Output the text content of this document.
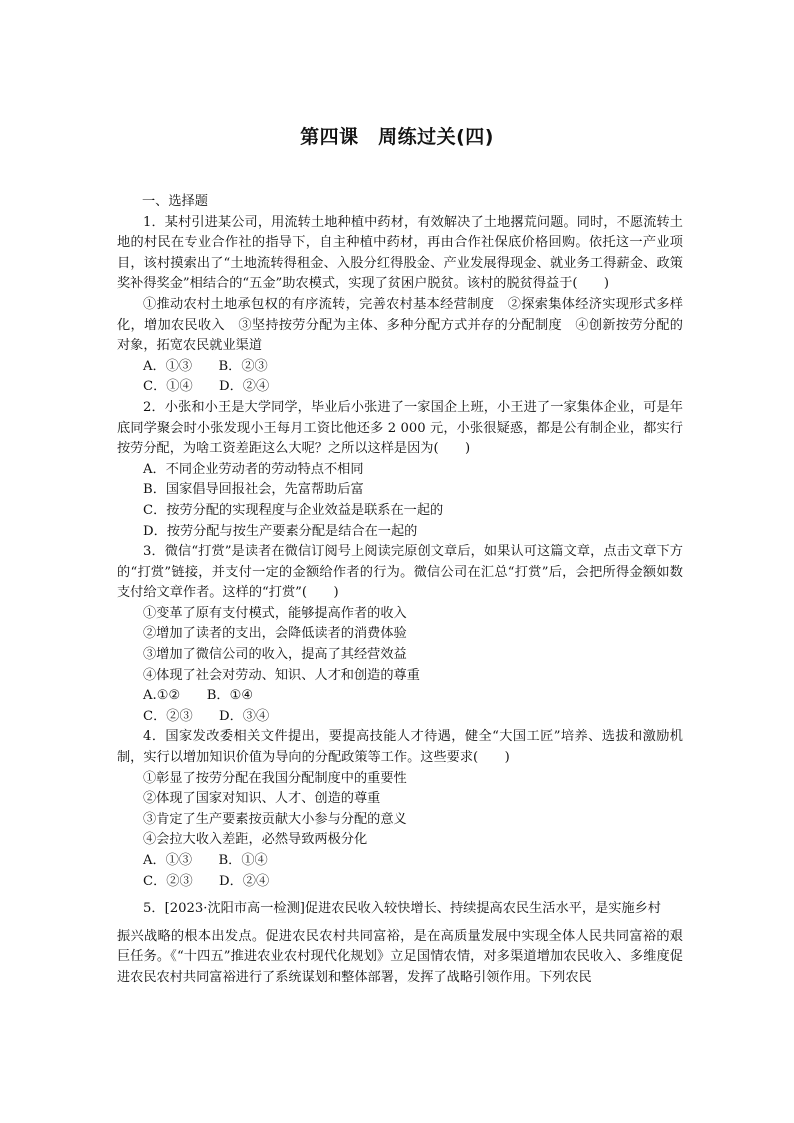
第四课　周练过关(四)

一、选择题

1．某村引进某公司，用流转土地种植中药材，有效解决了土地撂荒问题。同时，不愿流转土地的村民在专业合作社的指导下，自主种植中药材，再由合作社保底价格回购。依托这一产业项目，该村摸索出了“土地流转得租金、入股分红得股金、产业发展得现金、就业务工得薪金、政策奖补得奖金”相结合的“五金”助农模式，实现了贫困户脱贫。该村的脱贫得益于(　　)

①推动农村土地承包权的有序流转，完善农村基本经营制度　②探索集体经济实现形式多样化，增加农民收入　③坚持按劳分配为主体、多种分配方式并存的分配制度　④创新按劳分配的对象，拓宽农民就业渠道

A．①③　　B．②③

C．①④　　D．②④

2．小张和小王是大学同学，毕业后小张进了一家国企上班，小王进了一家集体企业，可是年底同学聚会时小张发现小王每月工资比他还多 2 000 元，小张很疑惑，都是公有制企业，都实行按劳分配，为啥工资差距这么大呢？之所以这样是因为(　　)

A．不同企业劳动者的劳动特点不相同

B．国家倡导回报社会，先富帮助后富

C．按劳分配的实现程度与企业效益是联系在一起的

D．按劳分配与按生产要素分配是结合在一起的

3．微信“打赏”是读者在微信订阅号上阅读完原创文章后，如果认可这篇文章，点击文章下方的“打赏”链接，并支付一定的金额给作者的行为。微信公司在汇总“打赏”后，会把所得金额如数支付给文章作者。这样的“打赏”(　　)

①变革了原有支付模式，能够提高作者的收入

②增加了读者的支出，会降低读者的消费体验

③增加了微信公司的收入，提高了其经营效益

④体现了社会对劳动、知识、人才和创造的尊重

A.①②　　B．①④

C．②③　　D．③④

4．国家发改委相关文件提出，要提高技能人才待遇，健全“大国工匠”培养、选拔和激励机制，实行以增加知识价值为导向的分配政策等工作。这些要求(　　)

①彰显了按劳分配在我国分配制度中的重要性

②体现了国家对知识、人才、创造的尊重

③肯定了生产要素按贡献大小参与分配的意义

④会拉大收入差距，必然导致两极分化

A．①③　　B．①④

C．②③　　D．②④

5．[2023·沈阳市高一检测]促进农民收入较快增长、持续提高农民生活水平，是实施乡村

振兴战略的根本出发点。促进农民农村共同富裕，是在高质量发展中实现全体人民共同富裕的艰巨任务。《“十四五”推进农业农村现代化规划》立足国情农情，对多渠道增加农民收入、多维度促进农民农村共同富裕进行了系统谋划和整体部署，发挥了战略引领作用。下列农民
